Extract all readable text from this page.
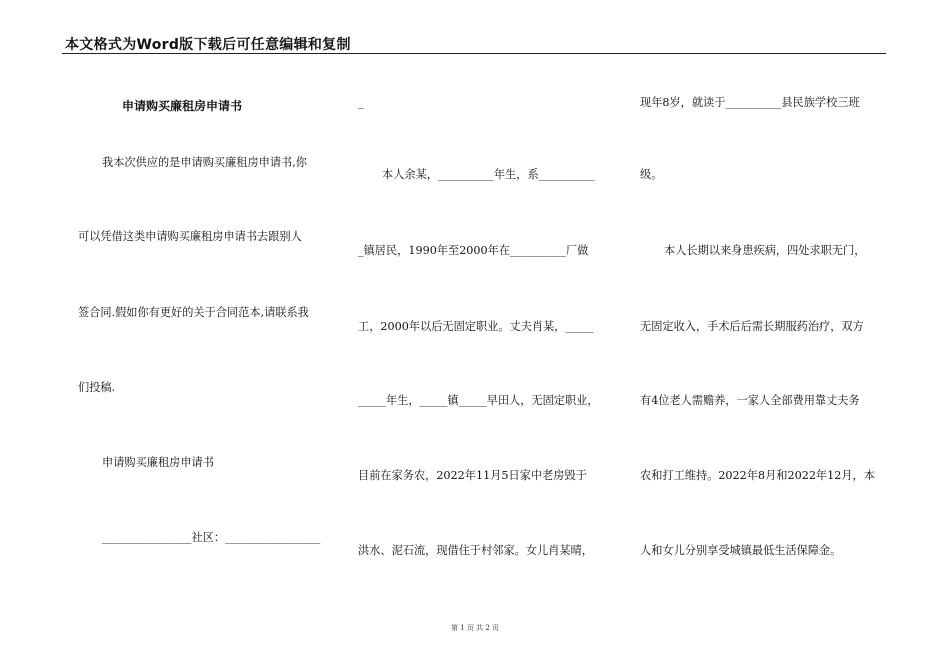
本文格式为Word版下载后可任意编辑和复制
申请购买廉租房申请书
我本次供应的是申请购买廉租房申请书,你
可以凭借这类申请购买廉租房申请书去跟别人
签合同.假如你有更好的关于合同范本,请联系我
们投稿.
申请购买廉租房申请书
________________社区：_________________
_
本人余某，__________年生，系__________
_镇居民，1990年至2000年在__________厂做
工，2000年以后无固定职业。丈夫肖某，_____
_____年生，_____镇_____早田人，无固定职业，
目前在家务农，2022年11月5日家中老房毁于
洪水、泥石流，现借住于村邻家。女儿肖某晴，
现年8岁，就读于__________县民族学校三班
级。
本人长期以来身患疾病，四处求职无门，
无固定收入，手术后后需长期服药治疗，双方
有4位老人需赡养，一家人全部费用靠丈夫务
农和打工维持。2022年8月和2022年12月，本
人和女儿分别享受城镇最低生活保障金。
第 1 页 共 2 页
